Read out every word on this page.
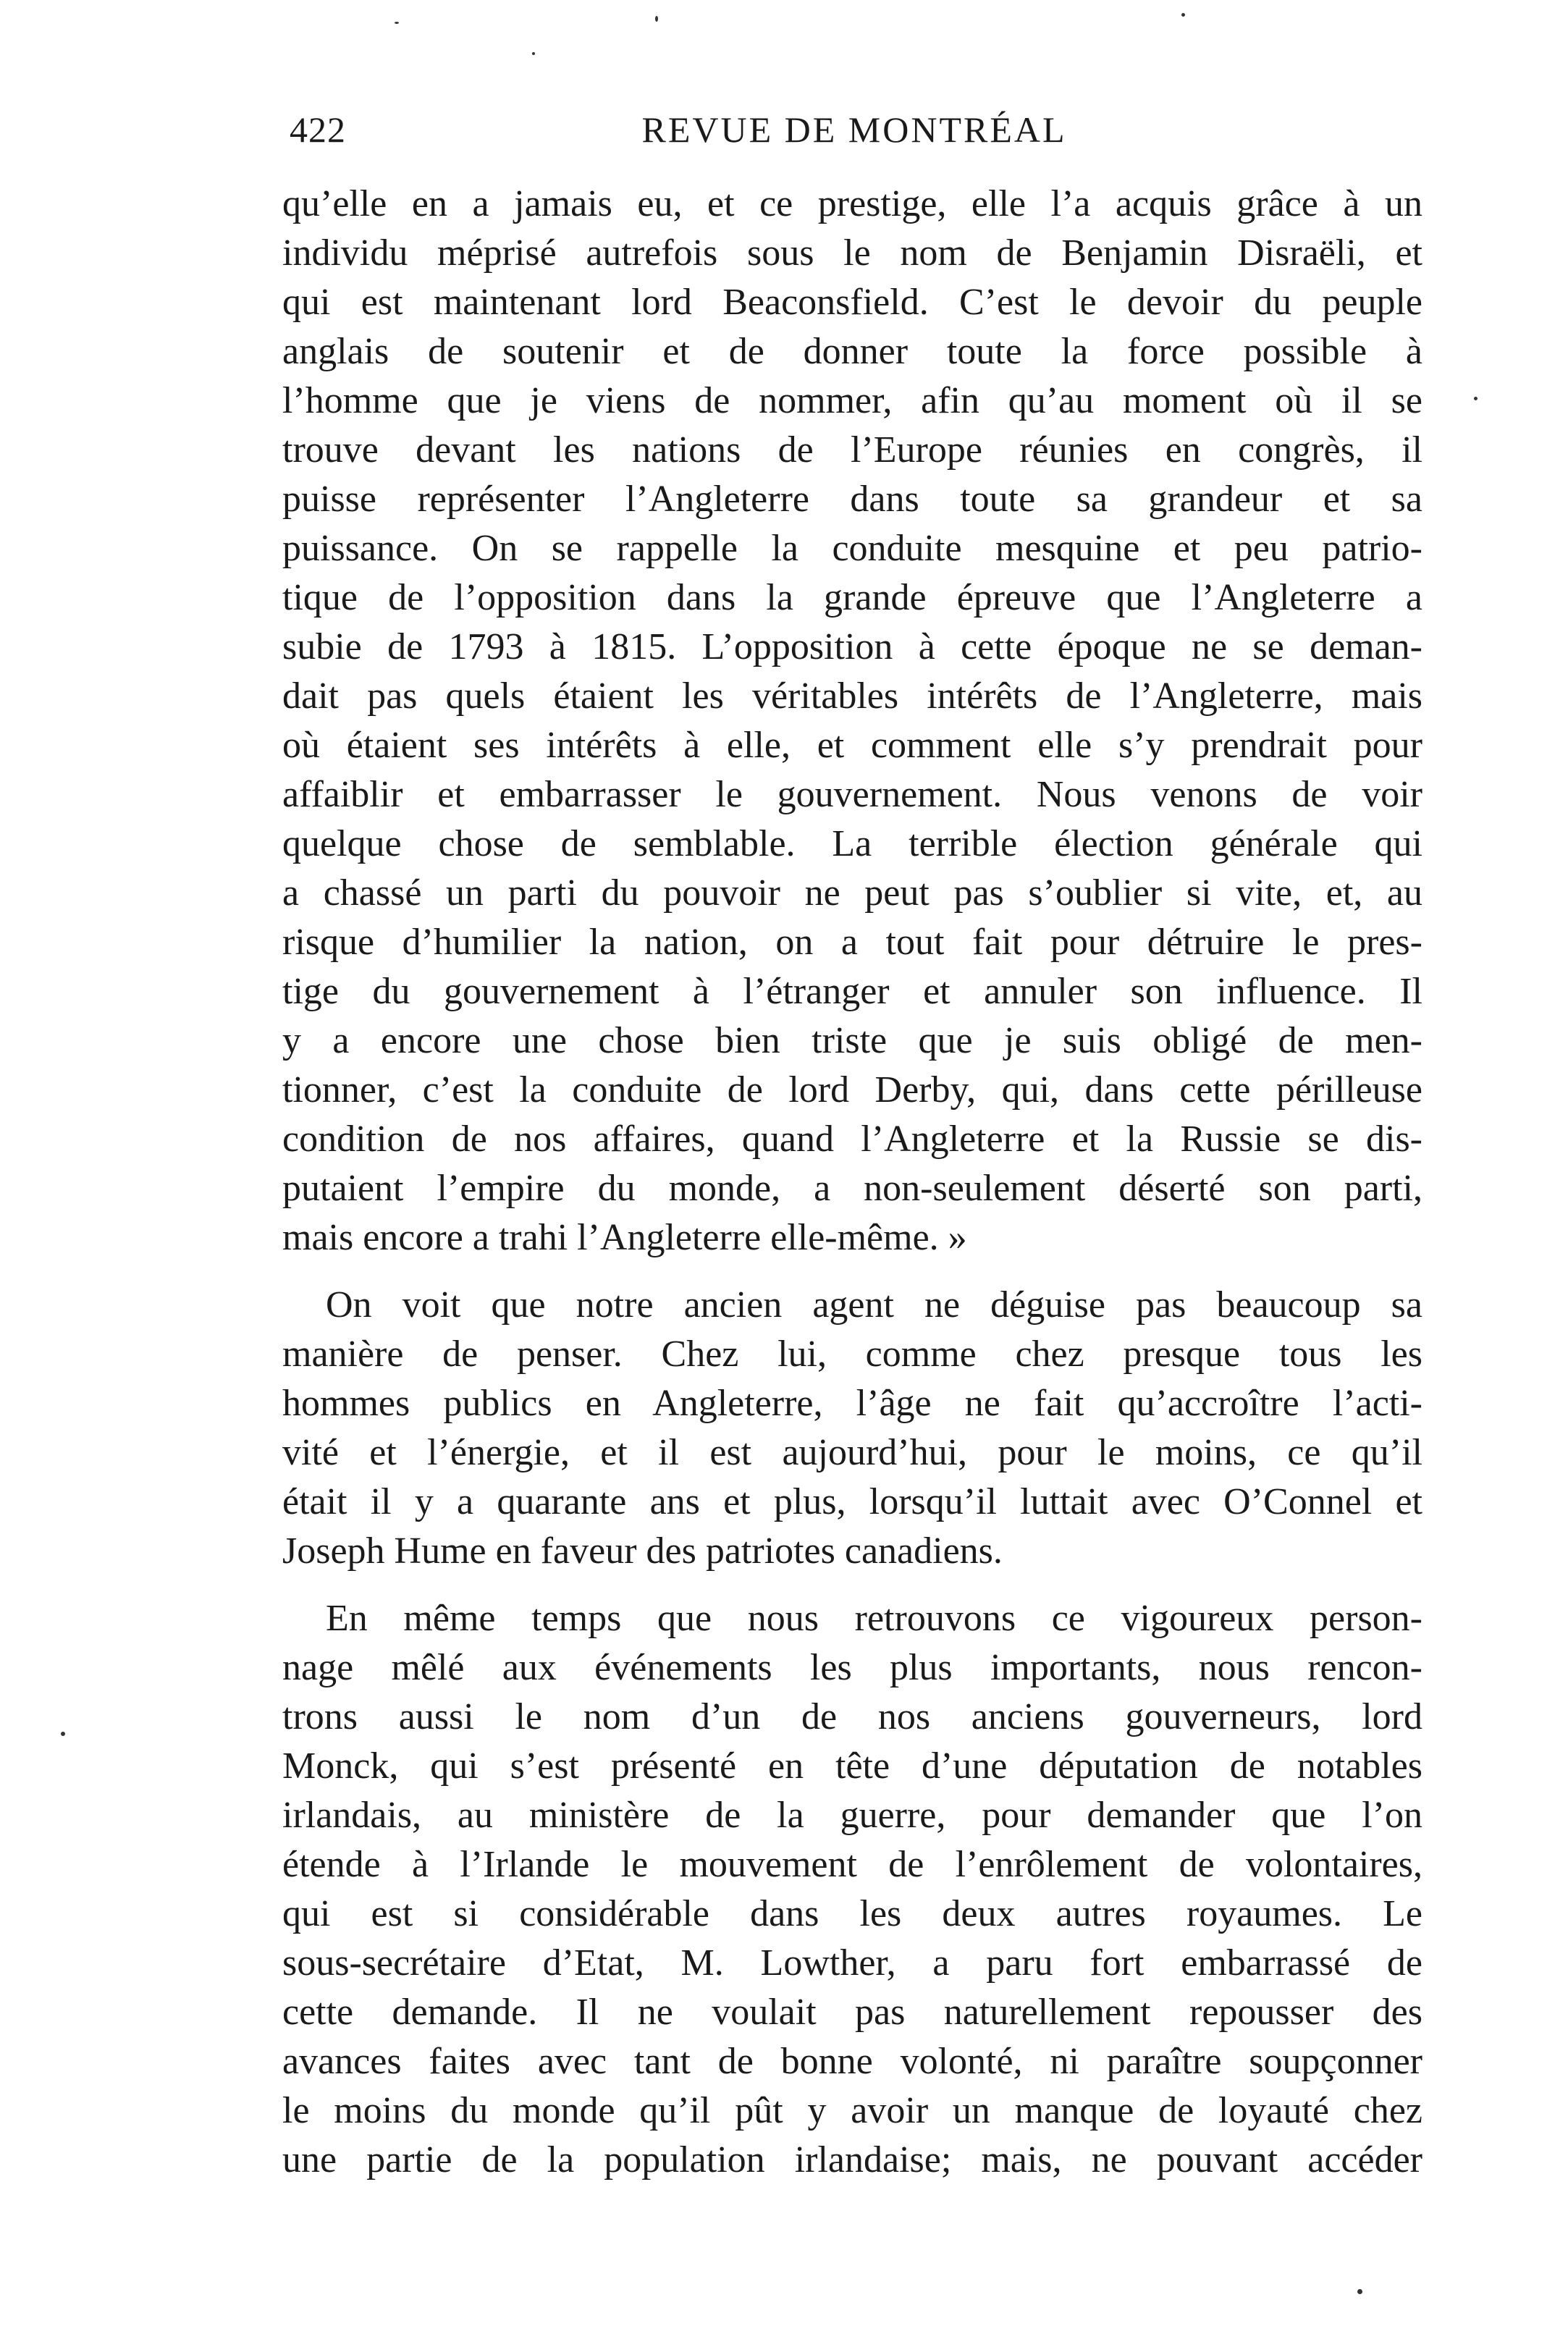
REVUE DE MONTRÉAL
422
qu’elle en a jamais eu, et ce prestige, elle l’a acquis grâce à un
individu méprisé autrefois sous le nom de Benjamin Disraëli, et
qui est maintenant lord Beaconsfield. C’est le devoir du peuple
anglais de soutenir et de donner toute la force possible à
l’homme que je viens de nommer, afin qu’au moment où il se
trouve devant les nations de l’Europe réunies en congrès, il
puisse représenter l’Angleterre dans toute sa grandeur et sa
puissance. On se rappelle la conduite mesquine et peu patrio-
tique de l’opposition dans la grande épreuve que l’Angleterre a
subie de 1793 à 1815. L’opposition à cette époque ne se deman-
dait pas quels étaient les véritables intérêts de l’Angleterre, mais
où étaient ses intérêts à elle, et comment elle s’y prendrait pour
affaiblir et embarrasser le gouvernement. Nous venons de voir
quelque chose de semblable. La terrible élection générale qui
a chassé un parti du pouvoir ne peut pas s’oublier si vite, et, au
risque d’humilier la nation, on a tout fait pour détruire le pres-
tige du gouvernement à l’étranger et annuler son influence. Il
y a encore une chose bien triste que je suis obligé de men-
tionner, c’est la conduite de lord Derby, qui, dans cette périlleuse
condition de nos affaires, quand l’Angleterre et la Russie se dis-
putaient l’empire du monde, a non-seulement déserté son parti,
mais encore a trahi l’Angleterre elle-même. »
On voit que notre ancien agent ne déguise pas beaucoup sa
manière de penser. Chez lui, comme chez presque tous les
hommes publics en Angleterre, l’âge ne fait qu’accroître l’acti-
vité et l’énergie, et il est aujourd’hui, pour le moins, ce qu’il
était il y a quarante ans et plus, lorsqu’il luttait avec O’Connel et
Joseph Hume en faveur des patriotes canadiens.
En même temps que nous retrouvons ce vigoureux person-
nage mêlé aux événements les plus importants, nous rencon-
trons aussi le nom d’un de nos anciens gouverneurs, lord
Monck, qui s’est présenté en tête d’une députation de notables
irlandais, au ministère de la guerre, pour demander que l’on
étende à l’Irlande le mouvement de l’enrôlement de volontaires,
qui est si considérable dans les deux autres royaumes. Le
sous-secrétaire d’Etat, M. Lowther, a paru fort embarrassé de
cette demande. Il ne voulait pas naturellement repousser des
avances faites avec tant de bonne volonté, ni paraître soupçonner
le moins du monde qu’il pût y avoir un manque de loyauté chez
une partie de la population irlandaise; mais, ne pouvant accéder
